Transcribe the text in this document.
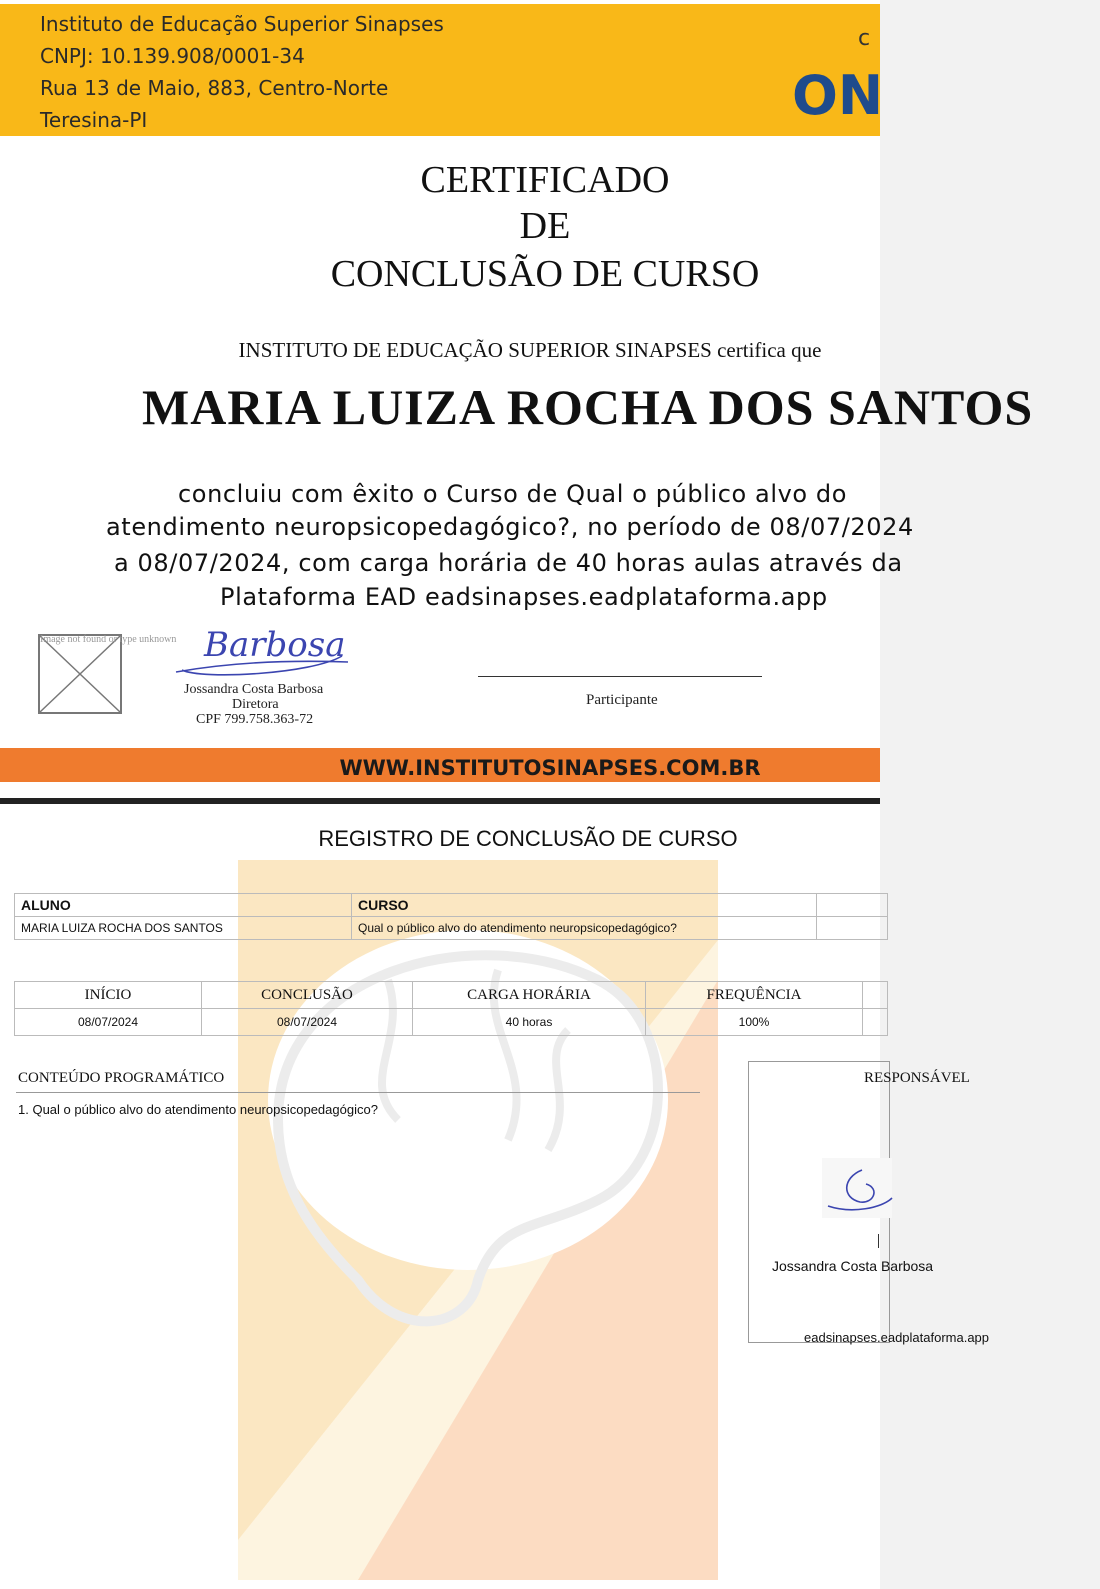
Instituto de Educação Superior Sinapses
CNPJ: 10.139.908/0001-34
Rua 13 de Maio, 883, Centro-Norte
Teresina-PI
c
ON
CERTIFICADO
DE
CONCLUSÃO DE CURSO
INSTITUTO DE EDUCAÇÃO SUPERIOR SINAPSES certifica que
MARIA LUIZA ROCHA DOS SANTOS
concluiu com êxito o Curso de Qual o público alvo do
atendimento neuropsicopedagógico?, no período de 08/07/2024
a 08/07/2024, com carga horária de 40 horas aulas através da
Plataforma EAD eadsinapses.eadplataforma.app
Image not found or type unknown Barbosa
Jossandra Costa Barbosa
Diretora
CPF 799.758.363-72
Participante
WWW.INSTITUTOSINAPSES.COM.BR
REGISTRO DE CONCLUSÃO DE CURSO
ALUNO	CURSO	
MARIA LUIZA ROCHA DOS SANTOS	Qual o público alvo do atendimento neuropsicopedagógico?	
INÍCIO	CONCLUSÃO	CARGA HORÁRIA	FREQUÊNCIA	
08/07/2024	08/07/2024	40 horas	100%	
CONTEÚDO PROGRAMÁTICO
1. Qual o público alvo do atendimento neuropsicopedagógico?
RESPONSÁVEL
Jossandra Costa Barbosa
eadsinapses.eadplataforma.app
